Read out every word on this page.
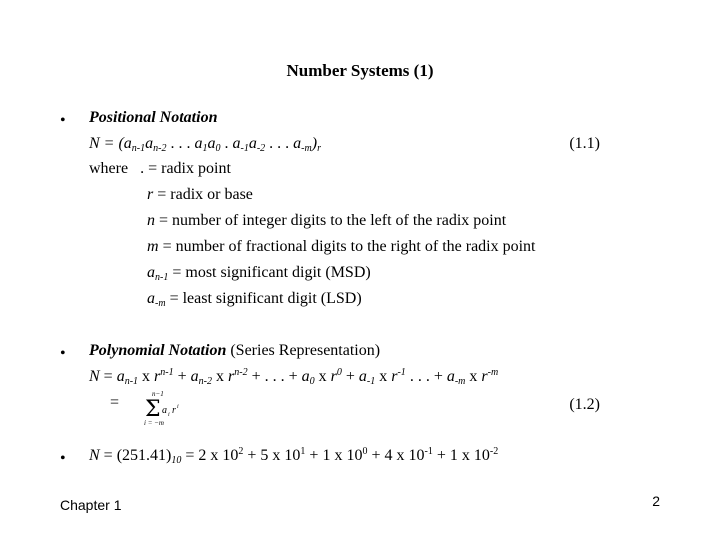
Number Systems (1)
• Positional Notation
$N = (a_{n-1}a_{n-2}$ . . . $a_1a_0$ . $a_{-1}a_{-2}$ . . . $a_{-m})_r$	(1.1)
where . = radix point
r = radix or base
n = number of integer digits to the left of the radix point
m = number of fractional digits to the right of the radix point
$a_{n-1}$ = most significant digit (MSD)
$a_{-m}$ = least significant digit (LSD)
• Polynomial Notation (Series Representation)
$N = a_{n-1}$ x $r^{n-1} + a_{n-2}$ x $r^{n-2}$ + . . . + $a_0$ x $r^0 + a_{-1}$ x $r^{-1}$ . . . + $a_{-m}$ x $r^{-m}$
=	n−1
Σ a i r i
i = −m
(1.2)
• $N = (251.41)_{10} = 2$ x $10^2 + 5$ x $10^1 + 1$ x $10^0 + 4$ x $10^{-1} + 1$ x $10^{-2}$
Chapter 1	2
